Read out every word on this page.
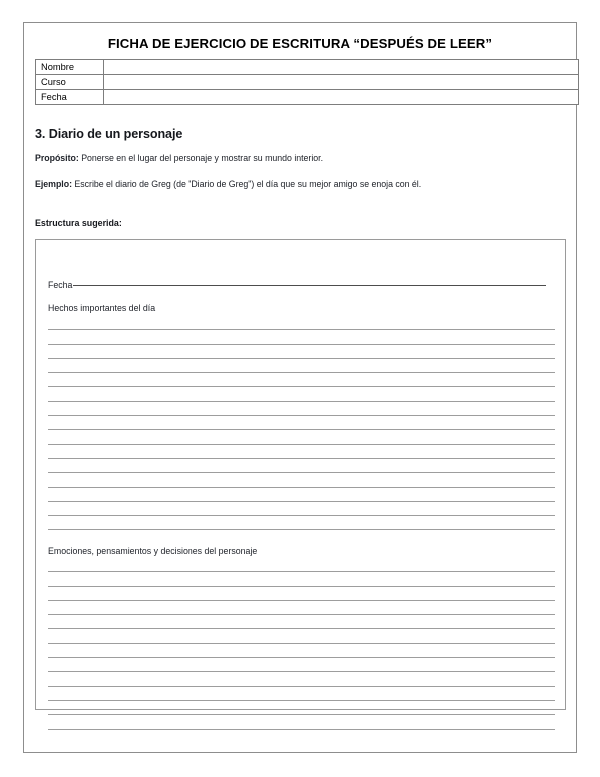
FICHA DE EJERCICIO DE ESCRITURA “DESPUÉS DE LEER”
Nombre	
Curso	
Fecha	
3. Diario de un personaje
Propósito: Ponerse en el lugar del personaje y mostrar su mundo interior.
Ejemplo: Escribe el diario de Greg (de "Diario de Greg") el día que su mejor amigo se enoja con él.
Estructura sugerida:
Fecha
Hechos importantes del día
Emociones, pensamientos y decisiones del personaje
